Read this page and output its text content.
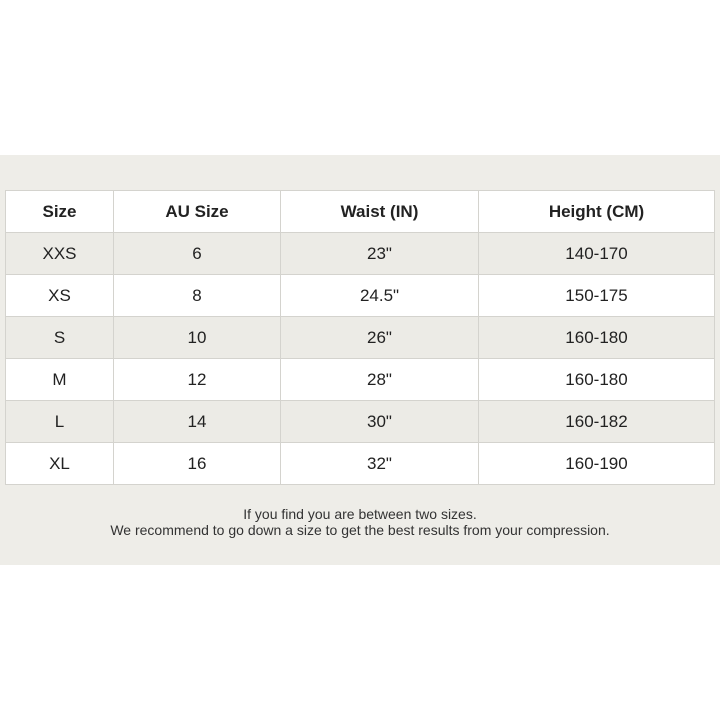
Size	AU Size	Waist (IN)	Height (CM)
XXS	6	23"	140-170
XS	8	24.5"	150-175
S	10	26"	160-180
M	12	28"	160-180
L	14	30"	160-182
XL	16	32"	160-190
If you find you are between two sizes.
We recommend to go down a size to get the best results from your compression.
